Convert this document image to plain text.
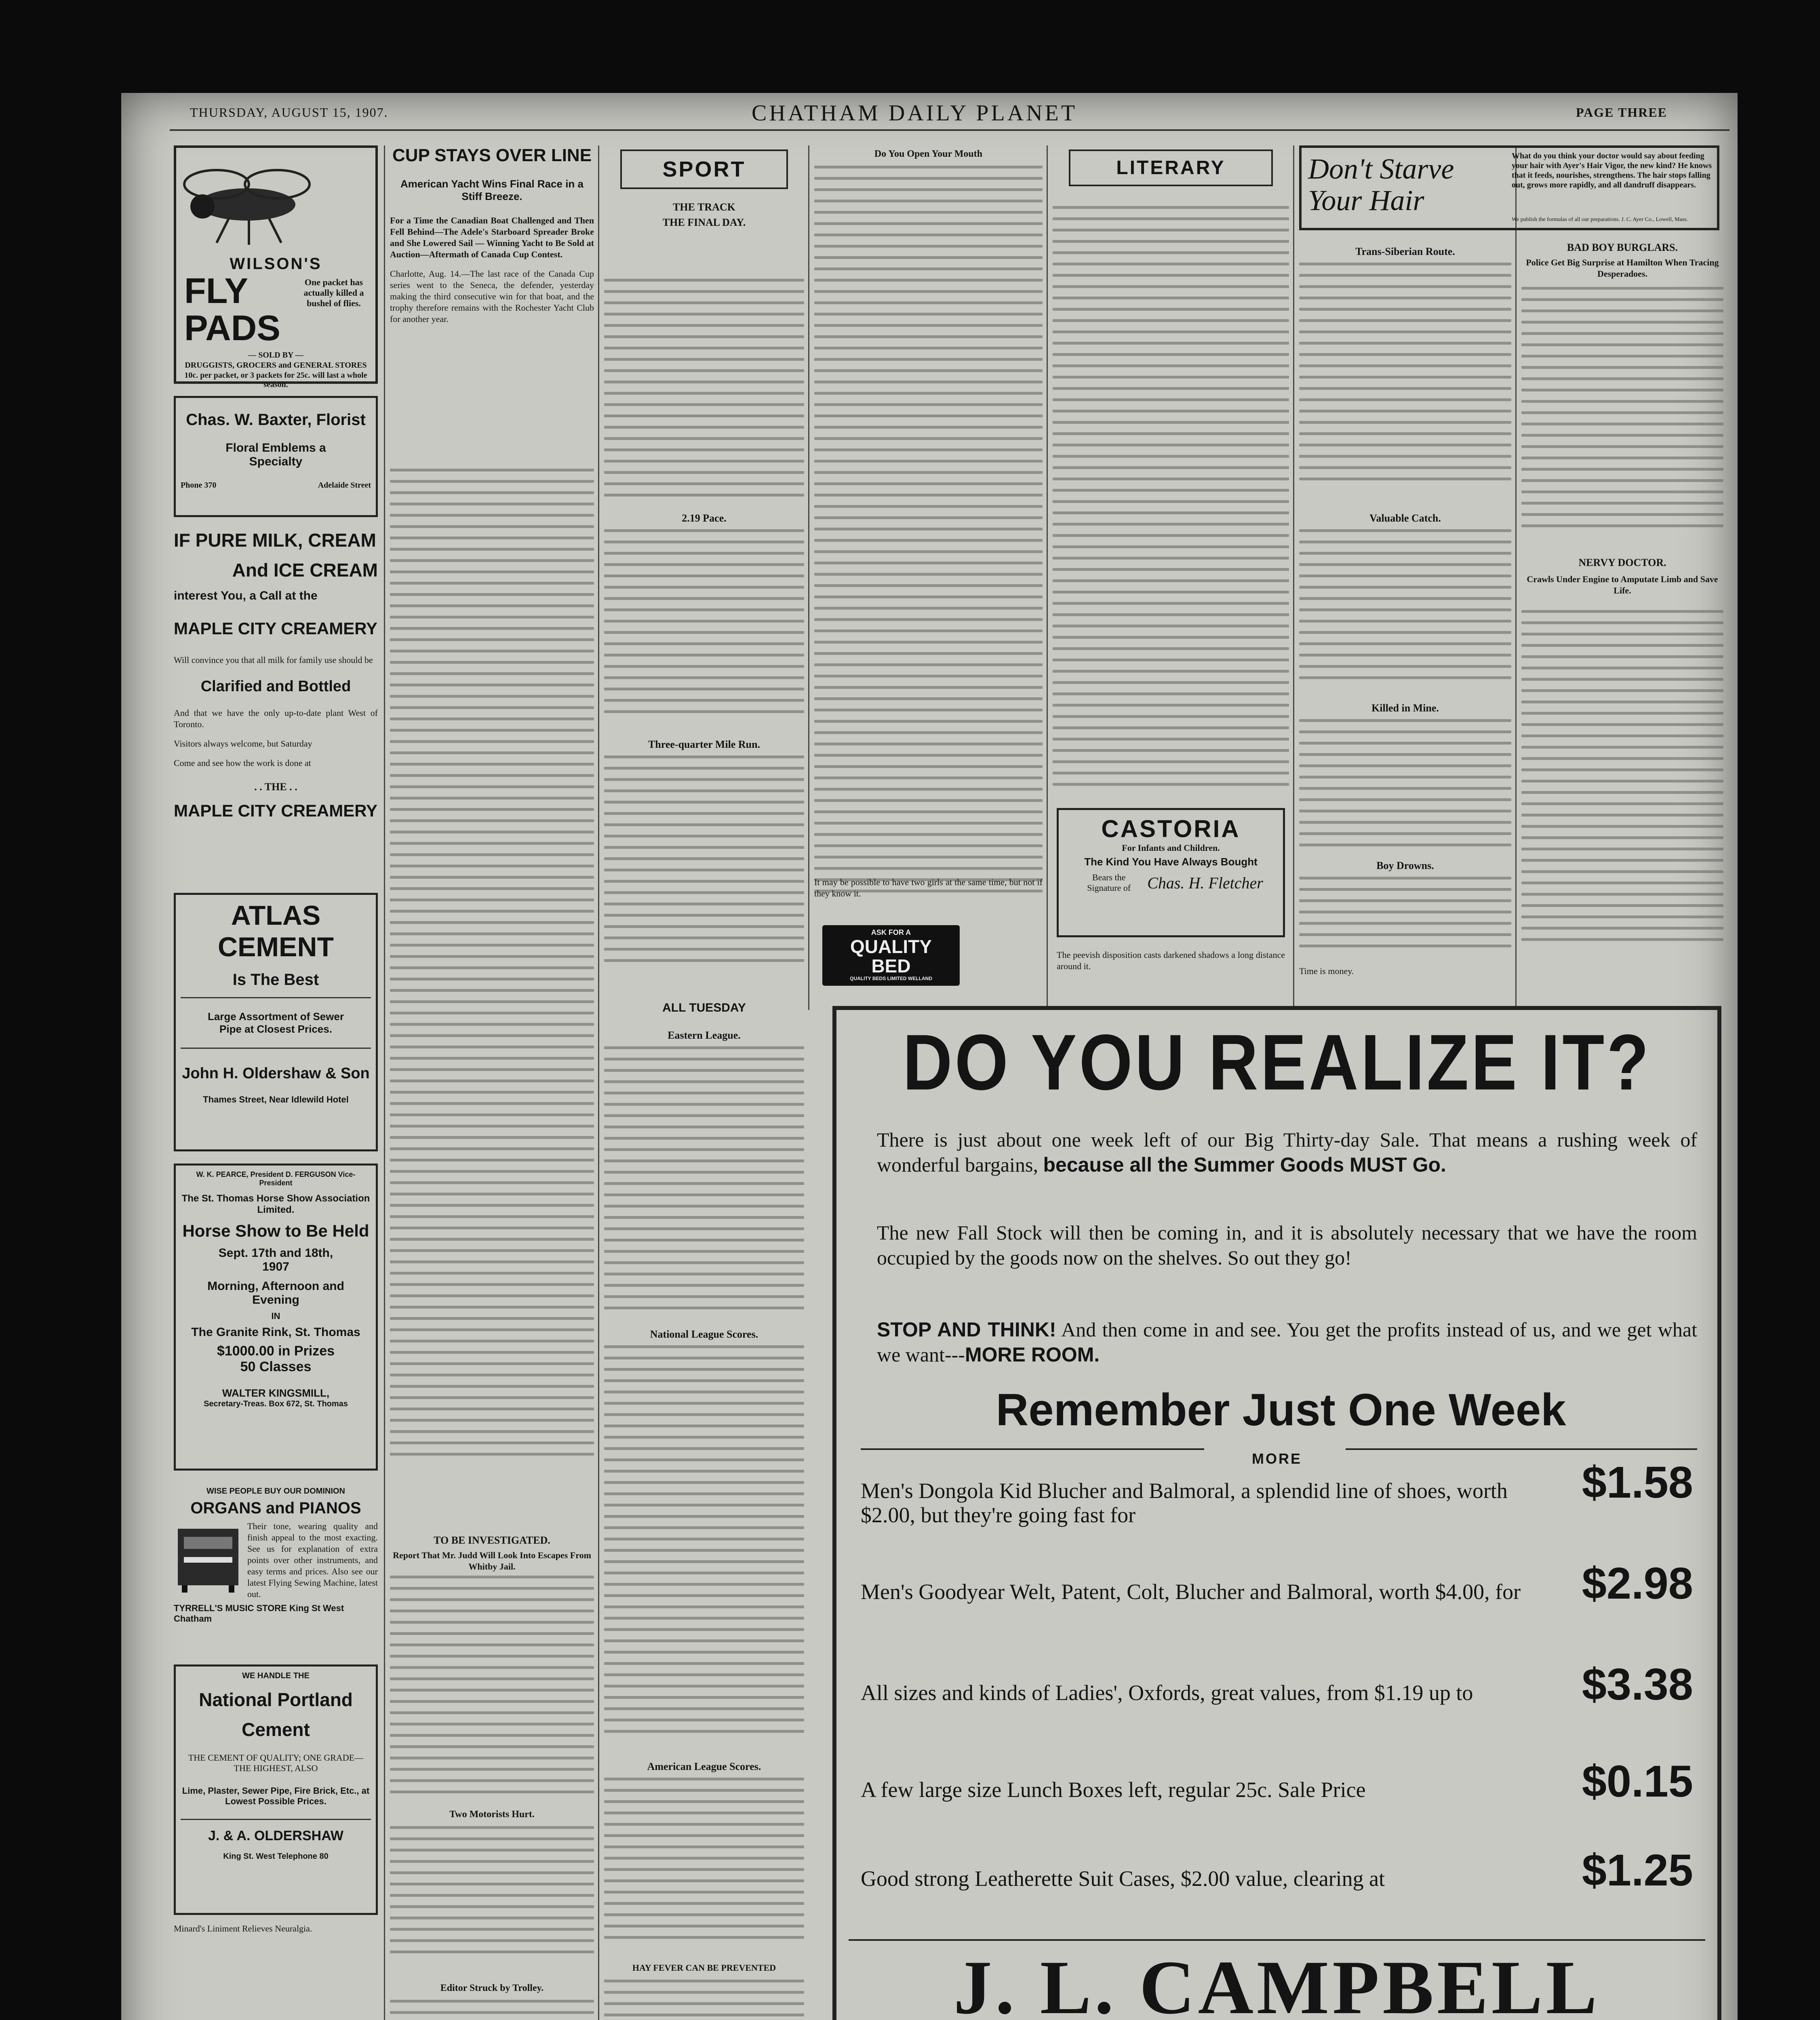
THURSDAY, AUGUST 15, 1907.	CHATHAM DAILY PLANET	PAGE THREE
WILSON'S
FLY
PADS
One packet has actually killed a bushel of flies.
— SOLD BY —
DRUGGISTS, GROCERS and GENERAL STORES
10c. per packet, or 3 packets for 25c. will last a whole season.
Chas. W. Baxter, Florist
Floral Emblems a Specialty
Phone 370	Adelaide Street
IF PURE MILK, CREAM
And ICE CREAM
interest You, a Call at the
MAPLE CITY CREAMERY
Will convince you that all milk for family use should be
Clarified and Bottled
And that we have the only up-to-date plant West of Toronto.
Visitors always welcome, but Saturday
Come and see how the work is done at
. . THE . .
MAPLE CITY CREAMERY
ATLAS CEMENT
Is The Best
Large Assortment of Sewer Pipe at Closest Prices.
John H. Oldershaw & Son
Thames Street, Near Idlewild Hotel
W. K. PEARCE, President D. FERGUSON Vice-President
The St. Thomas Horse Show Association Limited.
Horse Show to Be Held
Sept. 17th and 18th, 1907
Morning, Afternoon and Evening
IN
The Granite Rink, St. Thomas
$1000.00 in Prizes
50 Classes
WALTER KINGSMILL,
Secretary-Treas. Box 672, St. Thomas
WISE PEOPLE BUY OUR DOMINION
ORGANS and PIANOS
Their tone, wearing quality and finish appeal to the most exacting. See us for explanation of extra points over other instruments, and easy terms and prices. Also see our latest Flying Sewing Machine, latest out.
TYRRELL'S MUSIC STORE King St West Chatham
WE HANDLE THE
National Portland
Cement
THE CEMENT OF QUALITY; ONE GRADE—THE HIGHEST, ALSO
Lime, Plaster, Sewer Pipe, Fire Brick, Etc., at Lowest Possible Prices.
J. & A. OLDERSHAW
King St. West Telephone 80
Minard's Liniment Relieves Neuralgia.
CUP STAYS OVER LINE
American Yacht Wins Final Race in a Stiff Breeze.
For a Time the Canadian Boat Challenged and Then Fell Behind—The Adele's Starboard Spreader Broke and She Lowered Sail — Winning Yacht to Be Sold at Auction—Aftermath of Canada Cup Contest.
Charlotte, Aug. 14.—The last race of the Canada Cup series went to the Seneca, the defender, yesterday making the third consecutive win for that boat, and the trophy therefore remains with the Rochester Yacht Club for another year.
TO BE INVESTIGATED.
Report That Mr. Judd Will Look Into Escapes From Whitby Jail.
Two Motorists Hurt.
Editor Struck by Trolley.
SPORT
THE TRACK
THE FINAL DAY.
2.19 Pace.
Three-quarter Mile Run.
ALL TUESDAY
Eastern League.
National League Scores.
American League Scores.
HAY FEVER CAN BE PREVENTED
Do You Open Your Mouth
It may be possible to have two girls at the same time, but not if they know it.
ASK FOR A
QUALITY
BED
QUALITY BEDS LIMITED WELLAND
LITERARY
CASTORIA
For Infants and Children.
The Kind You Have Always Bought
Bears the Signature of	Chas. H. Fletcher
The peevish disposition casts darkened shadows a long distance around it.
Don't Starve
Your Hair
What do you think your doctor would say about feeding your hair with Ayer's Hair Vigor, the new kind? He knows that it feeds, nourishes, strengthens. The hair stops falling out, grows more rapidly, and all dandruff disappears.
We publish the formulas of all our preparations. J. C. Ayer Co., Lowell, Mass.
Trans-Siberian Route.
Valuable Catch.
Killed in Mine.
Boy Drowns.
Time is money.
BAD BOY BURGLARS.
Police Get Big Surprise at Hamilton When Tracing Desperadoes.
NERVY DOCTOR.
Crawls Under Engine to Amputate Limb and Save Life.
DO YOU REALIZE IT?
There is just about one week left of our Big Thirty-day Sale. That means a rushing week of wonderful bargains, because all the Summer Goods MUST Go.
The new Fall Stock will then be coming in, and it is absolutely necessary that we have the room occupied by the goods now on the shelves. So out they go!
STOP AND THINK! And then come in and see. You get the profits instead of us, and we get what we want---MORE ROOM.
Remember Just One Week
MORE
Men's Dongola Kid Blucher and Balmoral, a splendid line of shoes, worth $2.00, but they're going fast for
$1.58
Men's Goodyear Welt, Patent, Colt, Blucher and Balmoral, worth $4.00, for	$2.98
All sizes and kinds of Ladies', Oxfords, great values, from $1.19 up to	$3.38
A few large size Lunch Boxes left, regular 25c. Sale Price	$0.15
Good strong Leatherette Suit Cases, $2.00 value, clearing at	$1.25
J. L. CAMPBELL
